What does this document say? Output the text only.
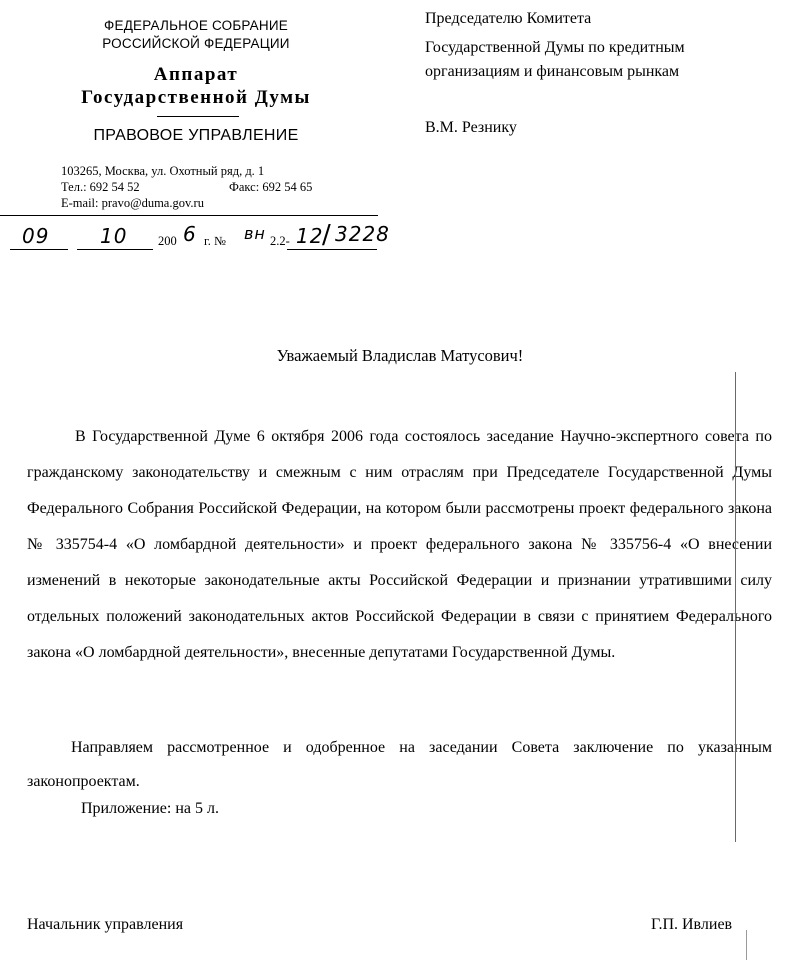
ФЕДЕРАЛЬНОЕ СОБРАНИЕ
РОССИЙСКОЙ ФЕДЕРАЦИИ
Аппарат
Государственной Думы
ПРАВОВОЕ УПРАВЛЕНИЕ
103265, Москва, ул. Охотный ряд, д. 1
Тел.: 692 54 52	Факс: 692 54 65
E-mail: pravo@duma.gov.ru
09	10 200 6 г. № вн 2.2- 12
/ 3228
Председателю Комитета
Государственной Думы по кредитным
организациям и финансовым рынкам
В.М. Резнику
Уважаемый Владислав Матусович!

В Государственной Думе 6 октября 2006 года состоялось заседание Научно-экспертного совета по гражданскому законодательству и смежным с ним отраслям при Председателе Государственной Думы Федерального Собрания Российской Федерации, на котором были рассмотрены проект федерального закона № 335754-4 «О ломбардной деятельности» и проект федерального закона № 335756-4 «О внесении изменений в некоторые законодательные акты Российской Федерации и признании утратившими силу отдельных положений законодательных актов Российской Федерации в связи с принятием Федерального закона «О ломбардной деятельности», внесенные депутатами Государственной Думы.

Направляем рассмотренное и одобренное на заседании Совета заключение по указанным законопроектам.

Приложение: на 5 л.
Начальник управления	Г.П. Ивлиев
